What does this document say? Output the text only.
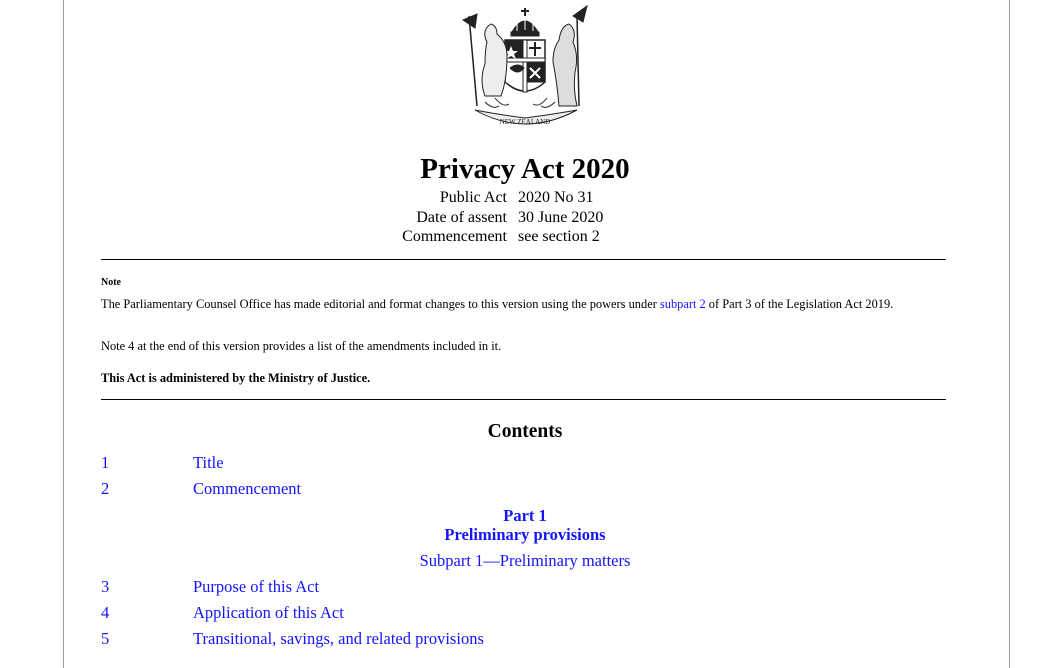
NEW ZEALAND
Privacy Act 2020
Public Act 2020 No 31
Date of assent 30 June 2020
Commencement see section 2
Note

The Parliamentary Counsel Office has made editorial and format changes to this version using the powers under subpart 2 of Part 3 of the Legislation Act 2019.

Note 4 at the end of this version provides a list of the amendments included in it.
This Act is administered by the Ministry of Justice.
Contents
1	Title
2	Commencement
Part 1
Preliminary provisions
Subpart 1—Preliminary matters
3	Purpose of this Act
4	Application of this Act
5	Transitional, savings, and related provisions
